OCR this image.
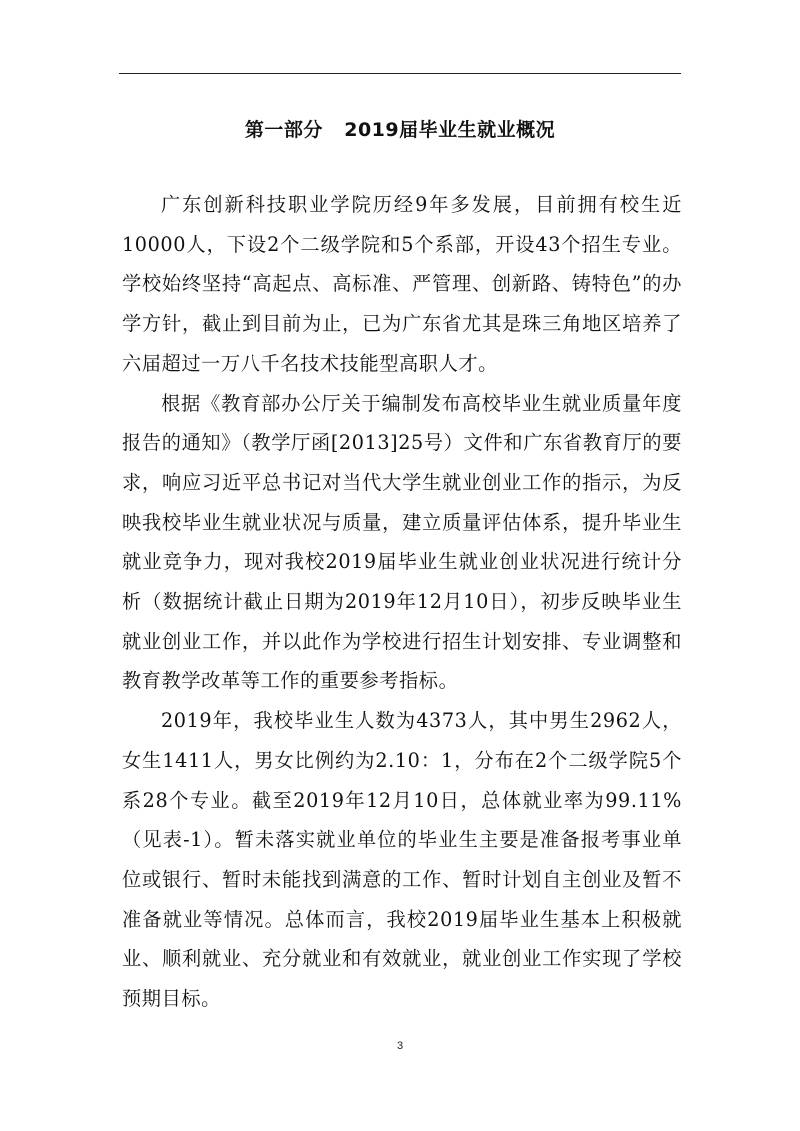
第一部分   2019届毕业生就业概况

广东创新科技职业学院历经9年多发展，目前拥有校生近10000人，下设2个二级学院和5个系部，开设43个招生专业。学校始终坚持“高起点、高标准、严管理、创新路、铸特色”的办学方针，截止到目前为止，已为广东省尤其是珠三角地区培养了六届超过一万八千名技术技能型高职人才。

根据《教育部办公厅关于编制发布高校毕业生就业质量年度报告的通知》（教学厅函[2013]25号）文件和广东省教育厅的要求，响应习近平总书记对当代大学生就业创业工作的指示，为反映我校毕业生就业状况与质量，建立质量评估体系，提升毕业生就业竞争力，现对我校2019届毕业生就业创业状况进行统计分析（数据统计截止日期为2019年12月10日），初步反映毕业生就业创业工作，并以此作为学校进行招生计划安排、专业调整和教育教学改革等工作的重要参考指标。

2019年，我校毕业生人数为4373人，其中男生2962人，女生1411人，男女比例约为2.10：1，分布在2个二级学院5个系28个专业。截至2019年12月10日，总体就业率为99.11%（见表-1）。暂未落实就业单位的毕业生主要是准备报考事业单位或银行、暂时未能找到满意的工作、暂时计划自主创业及暂不准备就业等情况。总体而言，我校2019届毕业生基本上积极就业、顺利就业、充分就业和有效就业，就业创业工作实现了学校预期目标。

3
